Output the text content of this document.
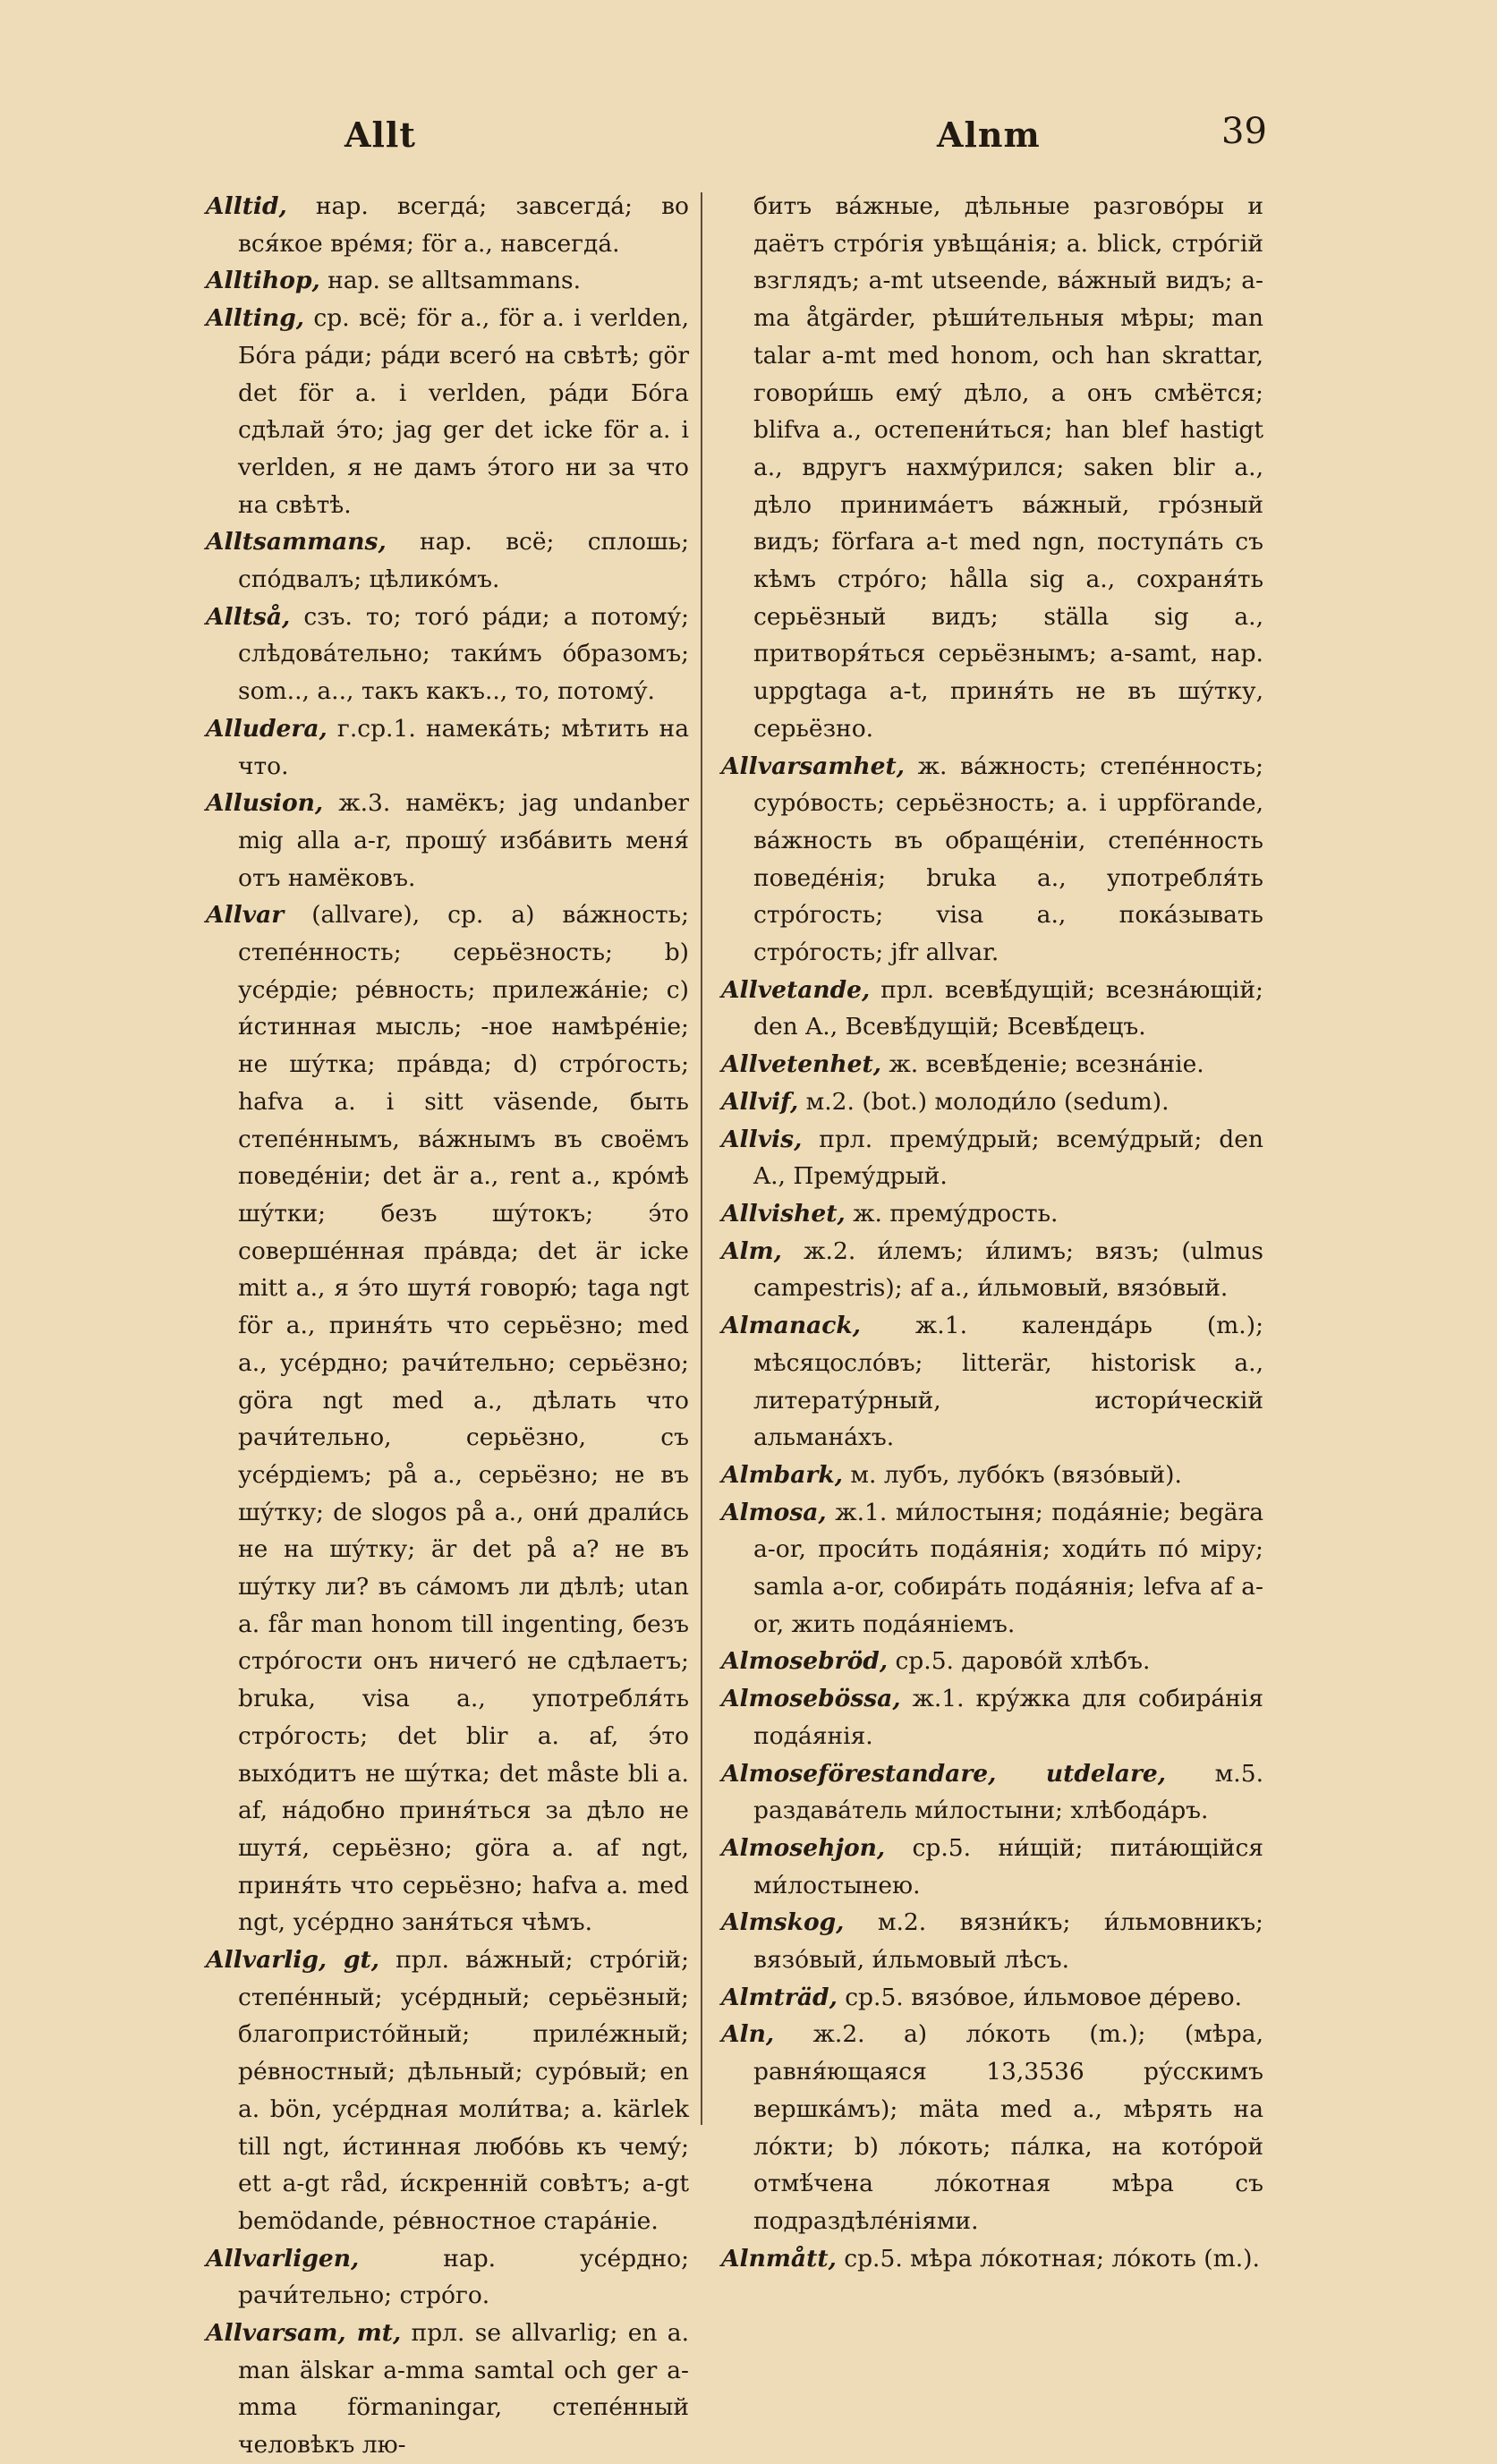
Allt	Alnm	39

Alltid, нар. всегда́; завсегда́; во вся́кое вре́мя; för a., навсегда́.

Alltihop, нар. se alltsammans.

Allting, ср. всё; för a., för a. i verlden, Бо́га ра́ди; ра́ди всего́ на свѣтѣ; gör det för a. i verlden, ра́ди Бо́га сдѣлай э́то; jag ger det icke för a. i verlden, я не дамъ э́того ни за что на свѣтѣ.

Alltsammans, нар. всё; сплошь; спо́двалъ; цѣлико́мъ.

Alltså, сзъ. то; того́ ра́ди; а потому́; слѣдова́тельно; таки́мъ о́бразомъ; som.., a.., такъ какъ.., то, потому́.

Alludera, г.ср.1. намека́ть; мѣтить на что.

Allusion, ж.3. намёкъ; jag undanber mig alla a-r, прошу́ изба́вить меня́ отъ намёковъ.

Allvar (allvare), ср. а) ва́жность; степе́нность; серьёзность; b) усе́рдіе; ре́вность; прилежа́ніе; c) и́стинная мысль; -ное намѣре́ніе; не шу́тка; пра́вда; d) стро́гость; hafva a. i sitt väsende, быть степе́ннымъ, ва́жнымъ въ своёмъ поведе́ніи; det är a., rent a., кро́мѣ шу́тки; безъ шу́токъ; э́то соверше́нная пра́вда; det är icke mitt a., я э́то шутя́ говорю́; taga ngt för a., приня́ть что серьёзно; med a., усе́рдно; рачи́тельно; серьёзно; göra ngt med a., дѣлать что рачи́тельно, серьёзно, съ усе́рдіемъ; på a., серьёзно; не въ шу́тку; de slogos på a., они́ драли́сь не на шу́тку; är det på a? не въ шу́тку ли? въ са́момъ ли дѣлѣ; utan a. får man honom till ingenting, безъ стро́гости онъ ничего́ не сдѣлаетъ; bruka, visa a., употребля́ть стро́гость; det blir a. af, э́то выхо́дитъ не шу́тка; det måste bli a. af, на́добно приня́ться за дѣло не шутя́, серьёзно; göra a. af ngt, приня́ть что серьёзно; hafva a. med ngt, усе́рдно заня́ться чѣмъ.

Allvarlig, gt, прл. ва́жный; стро́гій; степе́нный; усе́рдный; серьёзный; благопристо́йный; приле́жный; ре́вностный; дѣльный; суро́вый; en a. bön, усе́рдная моли́тва; a. kärlek till ngt, и́стинная любо́вь къ чему́; ett a-gt råd, и́скренній совѣтъ; a-gt bemödande, ре́вностное стара́ніе.

Allvarligen, нар. усе́рдно; рачи́тельно; стро́го.

Allvarsam, mt, прл. se allvarlig; en a. man älskar a-mma samtal och ger a-mma förmaningar, степе́нный человѣкъ лю-

битъ ва́жные, дѣльные разгово́ры и даётъ стро́гія увѣща́нія; a. blick, стро́гій взглядъ; a-mt utseende, ва́жный видъ; a-ma åtgärder, рѣши́тельныя мѣры; man talar a-mt med honom, och han skrattar, говори́шь ему́ дѣло, а онъ смѣётся; blifva a., остепени́ться; han blef hastigt a., вдругъ нахму́рился; saken blir a., дѣло принима́етъ ва́жный, гро́зный видъ; förfara a-t med ngn, поступа́ть съ кѣмъ стро́го; hålla sig a., сохраня́ть серьёзный видъ; ställa sig a., притворя́ться серьёзнымъ; a-samt, нар. uppgtaga a-t, приня́ть не въ шу́тку, серьёзно.

Allvarsamhet, ж. ва́жность; степе́нность; суро́вость; серьёзность; a. i uppförande, ва́жность въ обраще́ніи, степе́нность поведе́нія; bruka a., употребля́ть стро́гость; visa a., пока́зывать стро́гость; jfr allvar.

Allvetande, прл. всевѣ́дущій; всезна́ющій; den A., Всевѣ́дущій; Всевѣ́децъ.

Allvetenhet, ж. всевѣ́деніе; всезна́ніе.

Allvif, м.2. (bot.) молоди́ло (sedum).

Allvis, прл. прему́дрый; всему́дрый; den A., Прему́дрый.

Allvishet, ж. прему́дрость.

Alm, ж.2. и́лемъ; и́лимъ; вязъ; (ulmus campestris); af a., и́льмовый, вязо́вый.

Almanack, ж.1. календа́рь (m.); мѣсяцосло́въ; litterär, historisk a., литерату́рный, истори́ческій альмана́хъ.

Almbark, м. лубъ, лубо́къ (вязо́вый).

Almosa, ж.1. ми́лостыня; пода́яніе; begära a-or, проси́ть пода́янія; ходи́ть по́ міру; samla a-or, собира́ть пода́янія; lefva af a-or, жить пода́яніемъ.

Almosebröd, ср.5. дарово́й хлѣбъ.

Almosebössa, ж.1. кру́жка для собира́нія пода́янія.

Almoseförestandare, utdelare, м.5. раздава́тель ми́лостыни; хлѣбода́ръ.

Almosehjon, ср.5. ни́щій; пита́ющійся ми́лостынею.

Almskog, м.2. вязни́къ; и́льмовникъ; вязо́вый, и́льмовый лѣсъ.

Almträd, ср.5. вязо́вое, и́льмовое де́рево.

Aln, ж.2. а) ло́коть (m.); (мѣра, равня́ющаяся 13,3536 ру́сскимъ вершка́мъ); mäta med a., мѣрять на ло́кти; b) ло́коть; па́лка, на кото́рой отмѣ́чена ло́котная мѣра съ подраздѣле́ніями.

Alnmått, ср.5. мѣра ло́котная; ло́коть (m.).
